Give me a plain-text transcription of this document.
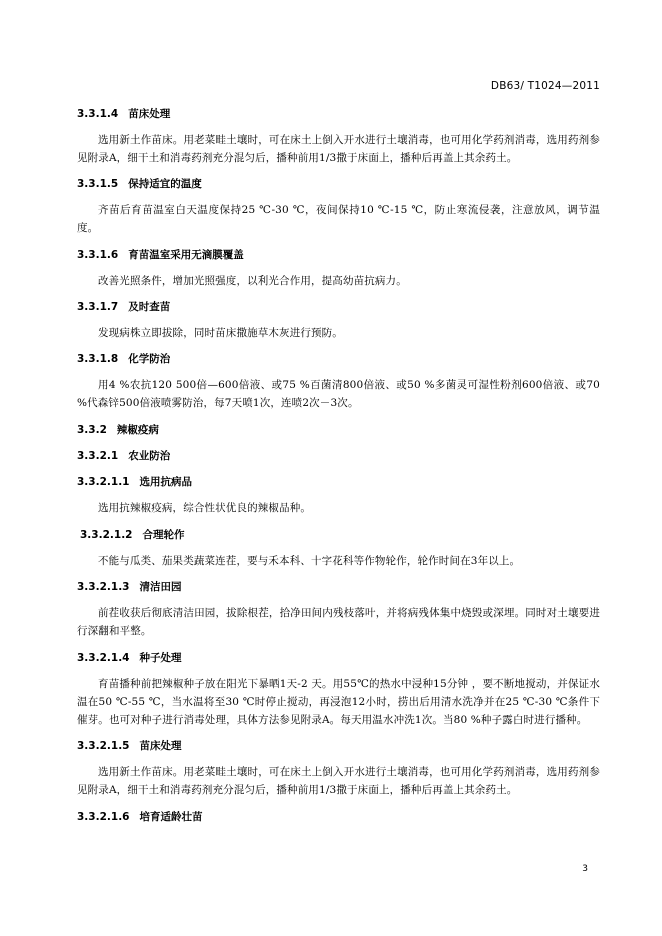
DB63/ T1024—2011
3.3.1.4 苗床处理

选用新土作苗床。用老菜畦土壤时，可在床土上倒入开水进行土壤消毒，也可用化学药剂消毒，选用药剂参见附录A，细干土和消毒药剂充分混匀后，播种前用1/3撒于床面上，播种后再盖上其余药土。

3.3.1.5 保持适宜的温度

齐苗后育苗温室白天温度保持25 ℃-30 ℃，夜间保持10 ℃-15 ℃，防止寒流侵袭，注意放风，调节温度。

3.3.1.6 育苗温室采用无滴膜覆盖

改善光照条件，增加光照强度，以利光合作用，提高幼苗抗病力。

3.3.1.7 及时查苗

发现病株立即拔除，同时苗床撒施草木灰进行预防。

3.3.1.8 化学防治

用4 %农抗120 500倍—600倍液、或75 %百菌清800倍液、或50 %多菌灵可湿性粉剂600倍液、或70 %代森锌500倍液喷雾防治，每7天喷1次，连喷2次－3次。

3.3.2 辣椒疫病
3.3.2.1 农业防治
3.3.2.1.1 选用抗病品

选用抗辣椒疫病，综合性状优良的辣椒品种。

3.3.2.1.2 合理轮作

不能与瓜类、茄果类蔬菜连茬，要与禾本科、十字花科等作物轮作，轮作时间在3年以上。

3.3.2.1.3 清洁田园

前茬收获后彻底清洁田园，拔除根茬，拾净田间内残枝落叶，并将病残体集中烧毁或深埋。同时对土壤要进行深翻和平整。

3.3.2.1.4 种子处理

育苗播种前把辣椒种子放在阳光下暴晒1天-2 天。用55℃的热水中浸种15分钟 ，要不断地搅动，并保证水温在50 ℃-55 ℃，当水温将至30 ℃时停止搅动，再浸泡12小时，捞出后用清水洗净并在25 ℃-30 ℃条件下催芽。也可对种子进行消毒处理，具体方法参见附录A。每天用温水冲洗1次。当80 %种子露白时进行播种。

3.3.2.1.5 苗床处理

选用新土作苗床。用老菜畦土壤时，可在床土上倒入开水进行土壤消毒，也可用化学药剂消毒，选用药剂参见附录A，细干土和消毒药剂充分混匀后，播种前用1/3撒于床面上，播种后再盖上其余药土。

3.3.2.1.6 培育适龄壮苗
3
